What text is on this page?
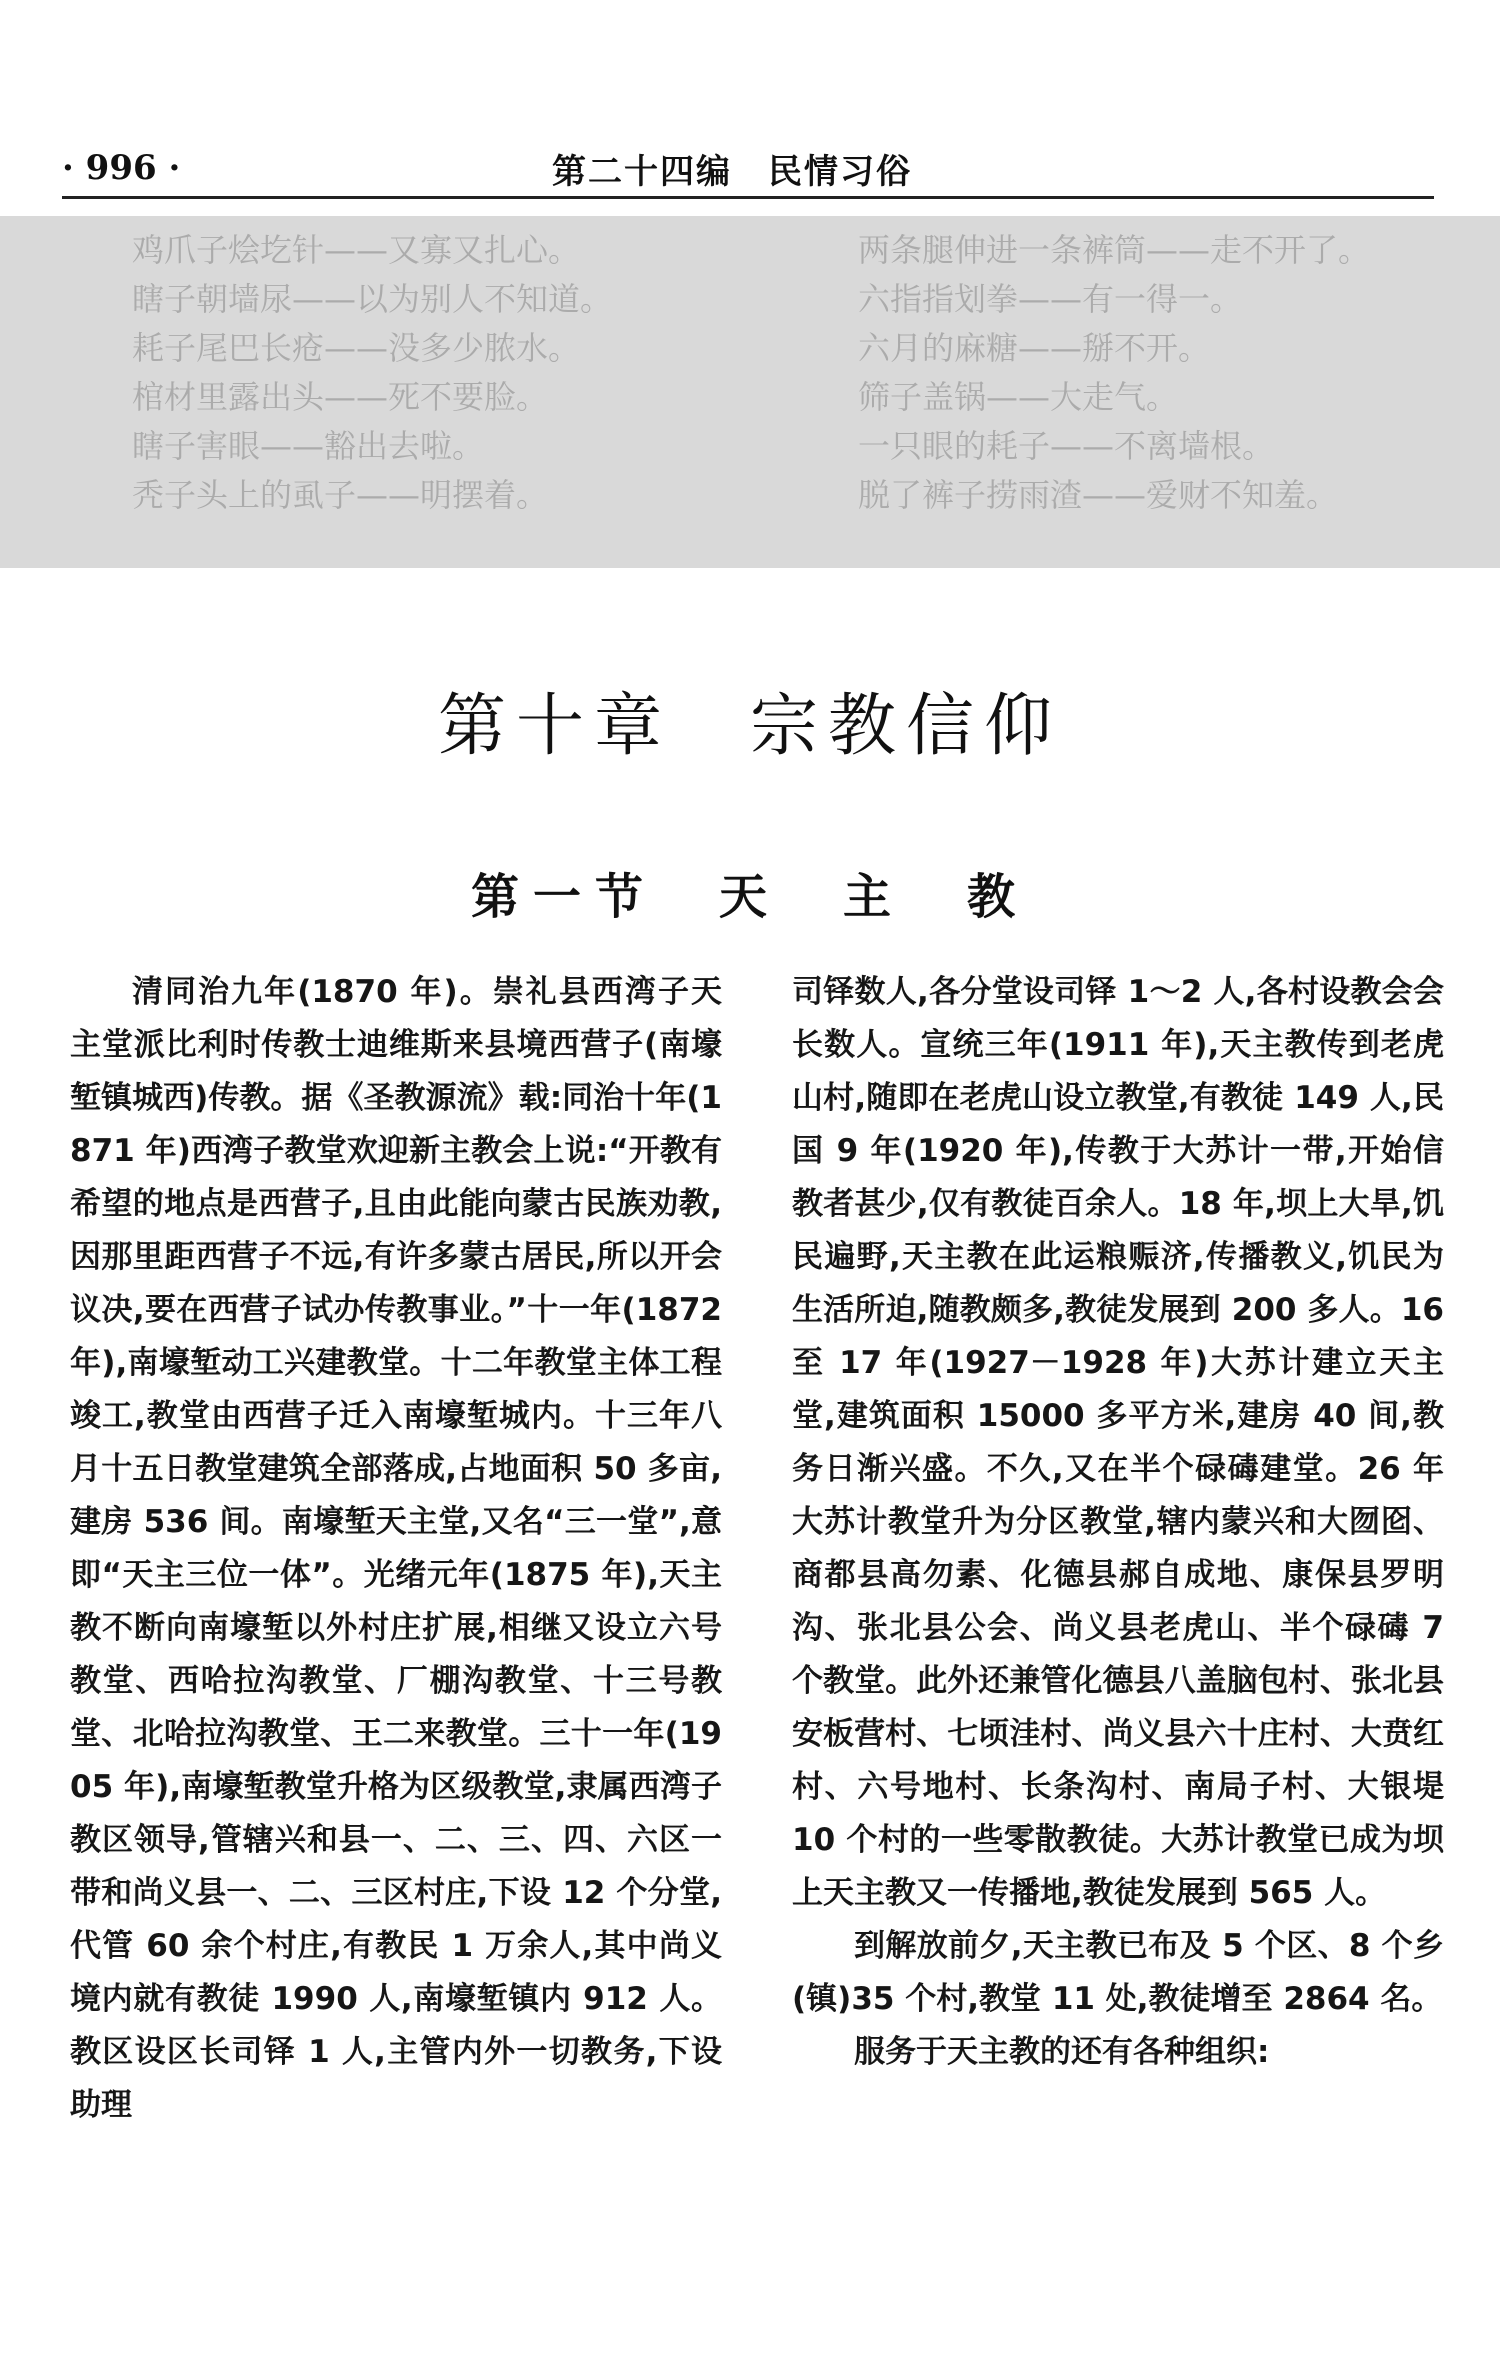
· 996 ·	第二十四编　民情习俗
鸡爪子烩圪针——又寡又扎心。
瞎子朝墙尿——以为别人不知道。
耗子尾巴长疮——没多少脓水。
棺材里露出头——死不要脸。
瞎子害眼——豁出去啦。
秃子头上的虱子——明摆着。
两条腿伸进一条裤筒——走不开了。
六指指划拳——有一得一。
六月的麻糖——掰不开。
筛子盖锅——大走气。
一只眼的耗子——不离墙根。
脱了裤子捞雨渣——爱财不知羞。
第十章　宗教信仰
第一节　天　主　教

清同治九年(1870 年)。崇礼县西湾子天主堂派比利时传教士迪维斯来县境西营子(南壕堑镇城西)传教。据《圣教源流》载:同治十年(1871 年)西湾子教堂欢迎新主教会上说:“开教有希望的地点是西营子,且由此能向蒙古民族劝教,因那里距西营子不远,有许多蒙古居民,所以开会议决,要在西营子试办传教事业。”十一年(1872 年),南壕堑动工兴建教堂。十二年教堂主体工程竣工,教堂由西营子迁入南壕堑城内。十三年八月十五日教堂建筑全部落成,占地面积 50 多亩,建房 536 间。南壕堑天主堂,又名“三一堂”,意即“天主三位一体”。光绪元年(1875 年),天主教不断向南壕堑以外村庄扩展,相继又设立六号教堂、西哈拉沟教堂、厂棚沟教堂、十三号教堂、北哈拉沟教堂、王二来教堂。三十一年(1905 年),南壕堑教堂升格为区级教堂,隶属西湾子教区领导,管辖兴和县一、二、三、四、六区一带和尚义县一、二、三区村庄,下设 12 个分堂,代管 60 余个村庄,有教民 1 万余人,其中尚义境内就有教徒 1990 人,南壕堑镇内 912 人。教区设区长司铎 1 人,主管内外一切教务,下设助理

司铎数人,各分堂设司铎 1～2 人,各村设教会会长数人。宣统三年(1911 年),天主教传到老虎山村,随即在老虎山设立教堂,有教徒 149 人,民国 9 年(1920 年),传教于大苏计一带,开始信教者甚少,仅有教徒百余人。18 年,坝上大旱,饥民遍野,天主教在此运粮赈济,传播教义,饥民为生活所迫,随教颇多,教徒发展到 200 多人。16 至 17 年(1927－1928 年)大苏计建立天主堂,建筑面积 15000 多平方米,建房 40 间,教务日渐兴盛。不久,又在半个碌碡建堂。26 年大苏计教堂升为分区教堂,辖内蒙兴和大囫囵、商都县高勿素、化德县郝自成地、康保县罗明沟、张北县公会、尚义县老虎山、半个碌碡 7 个教堂。此外还兼管化德县八盖脑包村、张北县安板营村、七顷洼村、尚义县六十庄村、大贲红村、六号地村、长条沟村、南局子村、大银堤 10 个村的一些零散教徒。大苏计教堂已成为坝上天主教又一传播地,教徒发展到 565 人。

到解放前夕,天主教已布及 5 个区、8 个乡(镇)35 个村,教堂 11 处,教徒增至 2864 名。

服务于天主教的还有各种组织:
